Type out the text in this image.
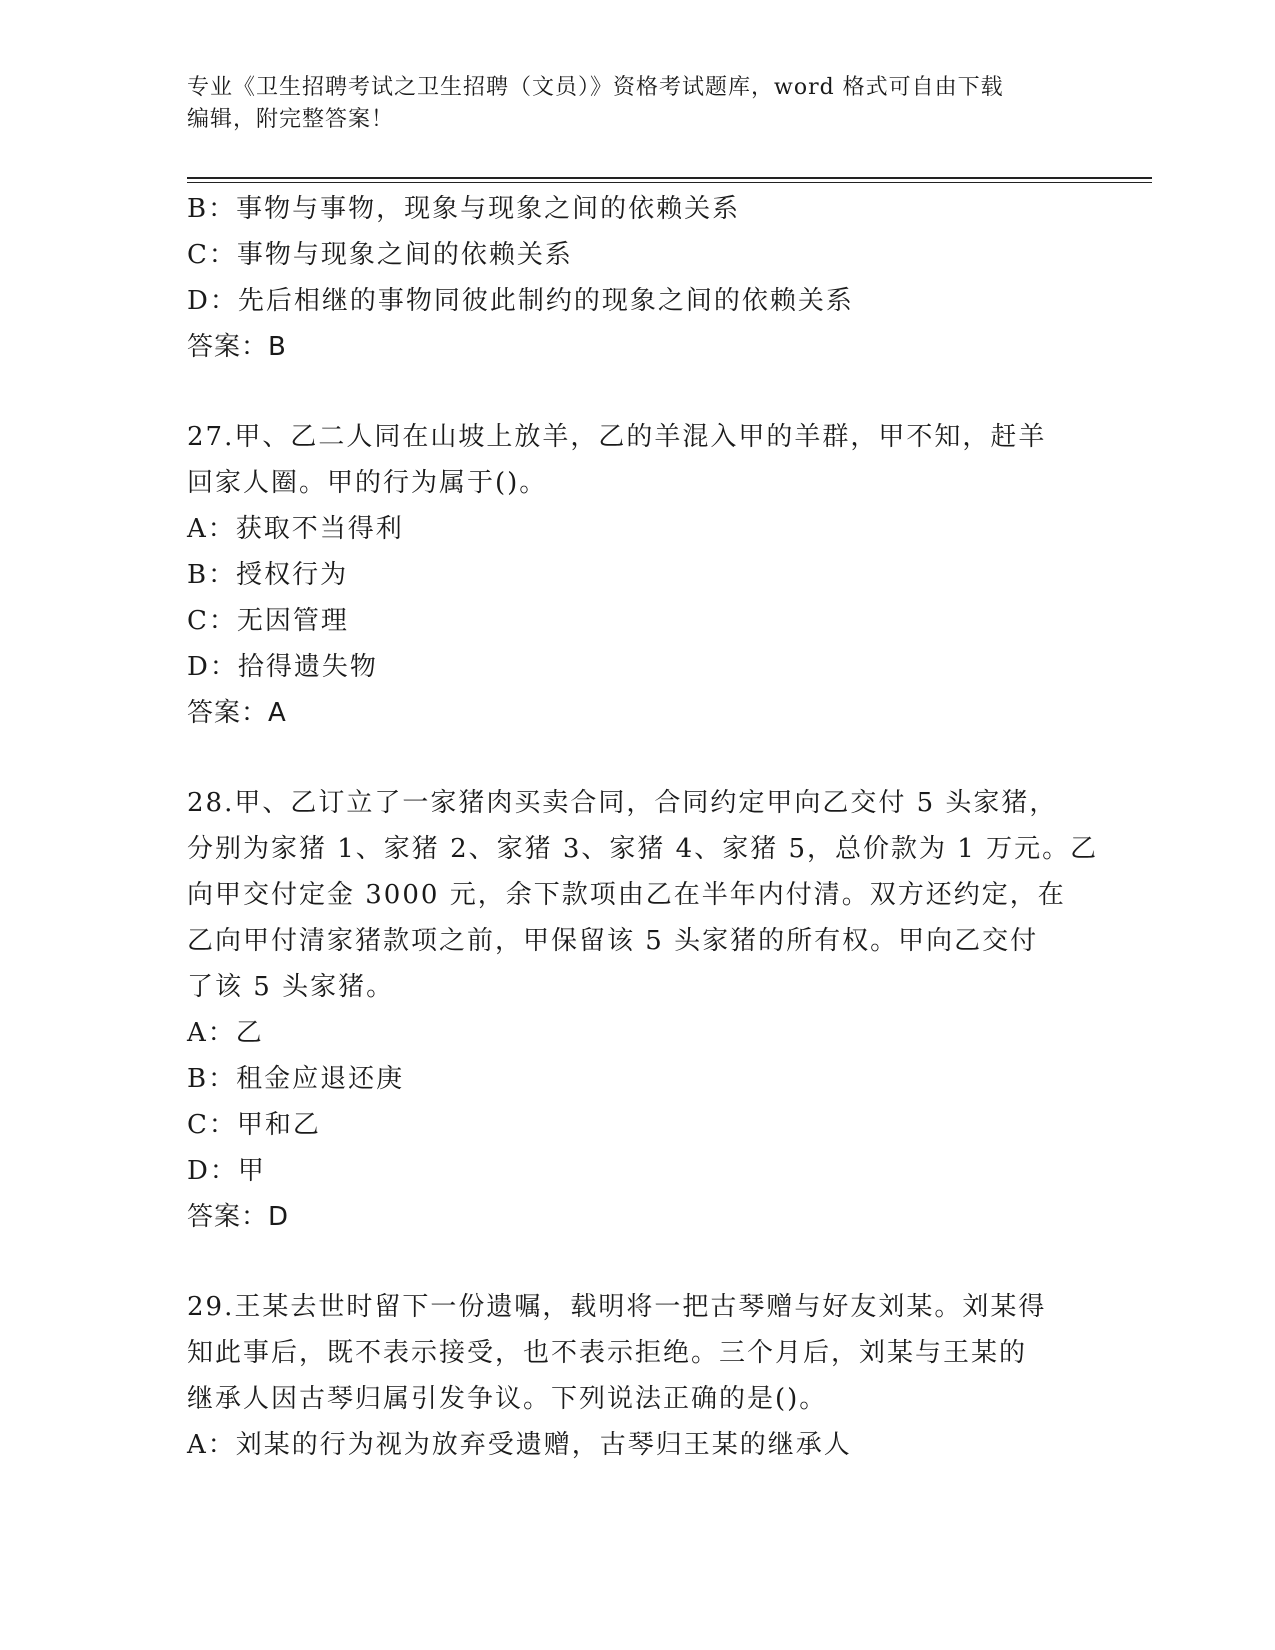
专业《卫生招聘考试之卫生招聘（文员）》资格考试题库，word 格式可自由下载
编辑，附完整答案！
B：事物与事物，现象与现象之间的依赖关系
C：事物与现象之间的依赖关系
D：先后相继的事物同彼此制约的现象之间的依赖关系
答案：B
27.甲、乙二人同在山坡上放羊，乙的羊混入甲的羊群，甲不知，赶羊
回家人圈。甲的行为属于()。
A：获取不当得利
B：授权行为
C：无因管理
D：拾得遗失物
答案：A
28.甲、乙订立了一家猪肉买卖合同，合同约定甲向乙交付 5 头家猪，
分别为家猪 1、家猪 2、家猪 3、家猪 4、家猪 5，总价款为 1 万元。乙
向甲交付定金 3000 元，余下款项由乙在半年内付清。双方还约定，在
乙向甲付清家猪款项之前，甲保留该 5 头家猪的所有权。甲向乙交付
了该 5 头家猪。
A：乙
B：租金应退还庚
C：甲和乙
D：甲
答案：D
29.王某去世时留下一份遗嘱，载明将一把古琴赠与好友刘某。刘某得
知此事后，既不表示接受，也不表示拒绝。三个月后，刘某与王某的
继承人因古琴归属引发争议。下列说法正确的是()。
A：刘某的行为视为放弃受遗赠，古琴归王某的继承人
